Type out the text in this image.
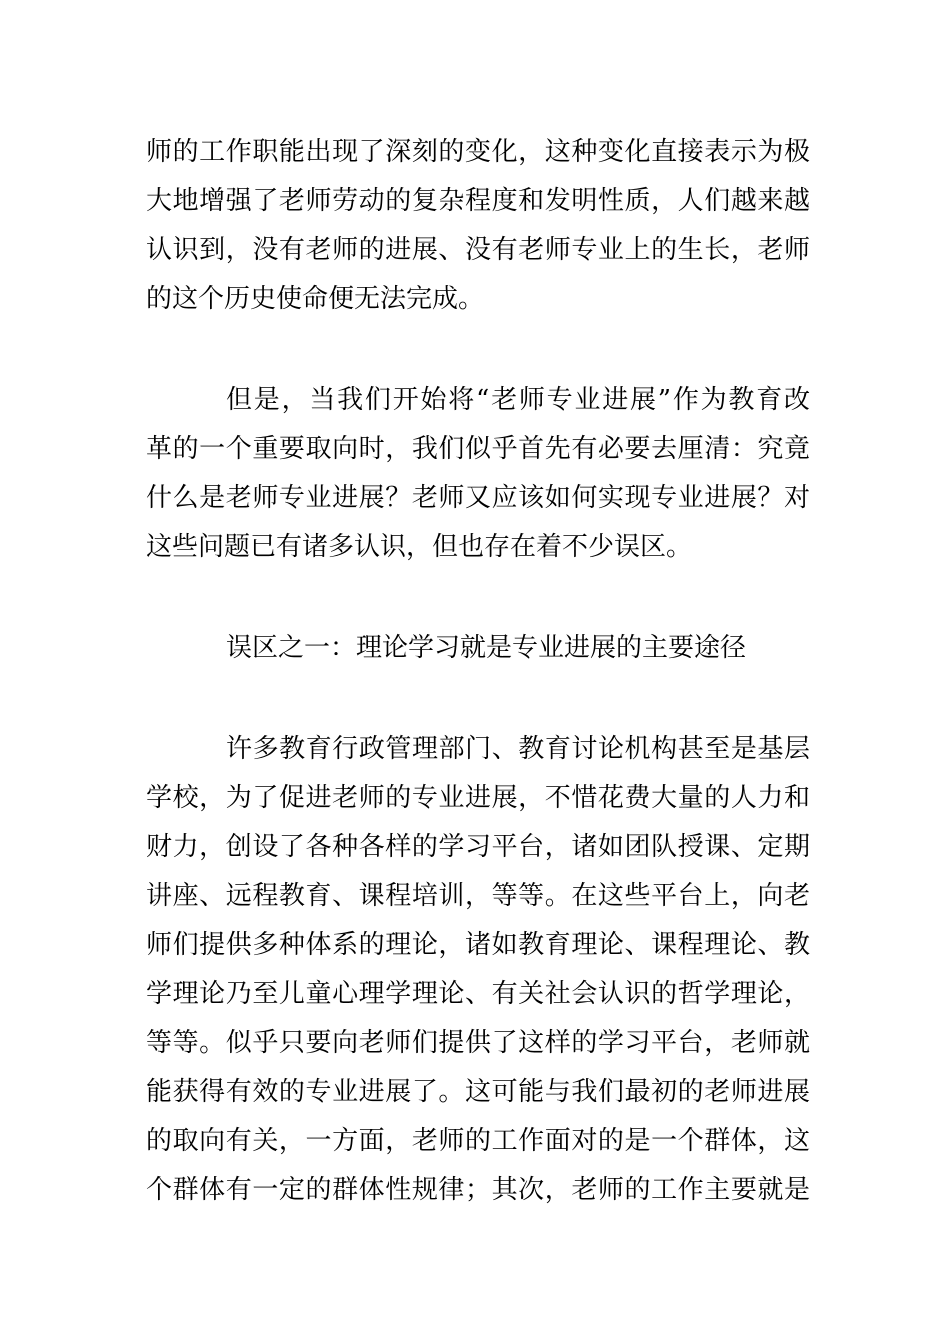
师的工作职能出现了深刻的变化，这种变化直接表示为极
大地增强了老师劳动的复杂程度和发明性质，人们越来越
认识到，没有老师的进展、没有老师专业上的生长，老师
的这个历史使命便无法完成。
但是，当我们开始将“老师专业进展”作为教育改
革的一个重要取向时，我们似乎首先有必要去厘清：究竟
什么是老师专业进展？老师又应该如何实现专业进展？对
这些问题已有诸多认识，但也存在着不少误区。
误区之一：理论学习就是专业进展的主要途径
许多教育行政管理部门、教育讨论机构甚至是基层
学校，为了促进老师的专业进展，不惜花费大量的人力和
财力，创设了各种各样的学习平台，诸如团队授课、定期
讲座、远程教育、课程培训，等等。在这些平台上，向老
师们提供多种体系的理论，诸如教育理论、课程理论、教
学理论乃至儿童心理学理论、有关社会认识的哲学理论，
等等。似乎只要向老师们提供了这样的学习平台，老师就
能获得有效的专业进展了。这可能与我们最初的老师进展
的取向有关，一方面，老师的工作面对的是一个群体，这
个群体有一定的群体性规律；其次，老师的工作主要就是
